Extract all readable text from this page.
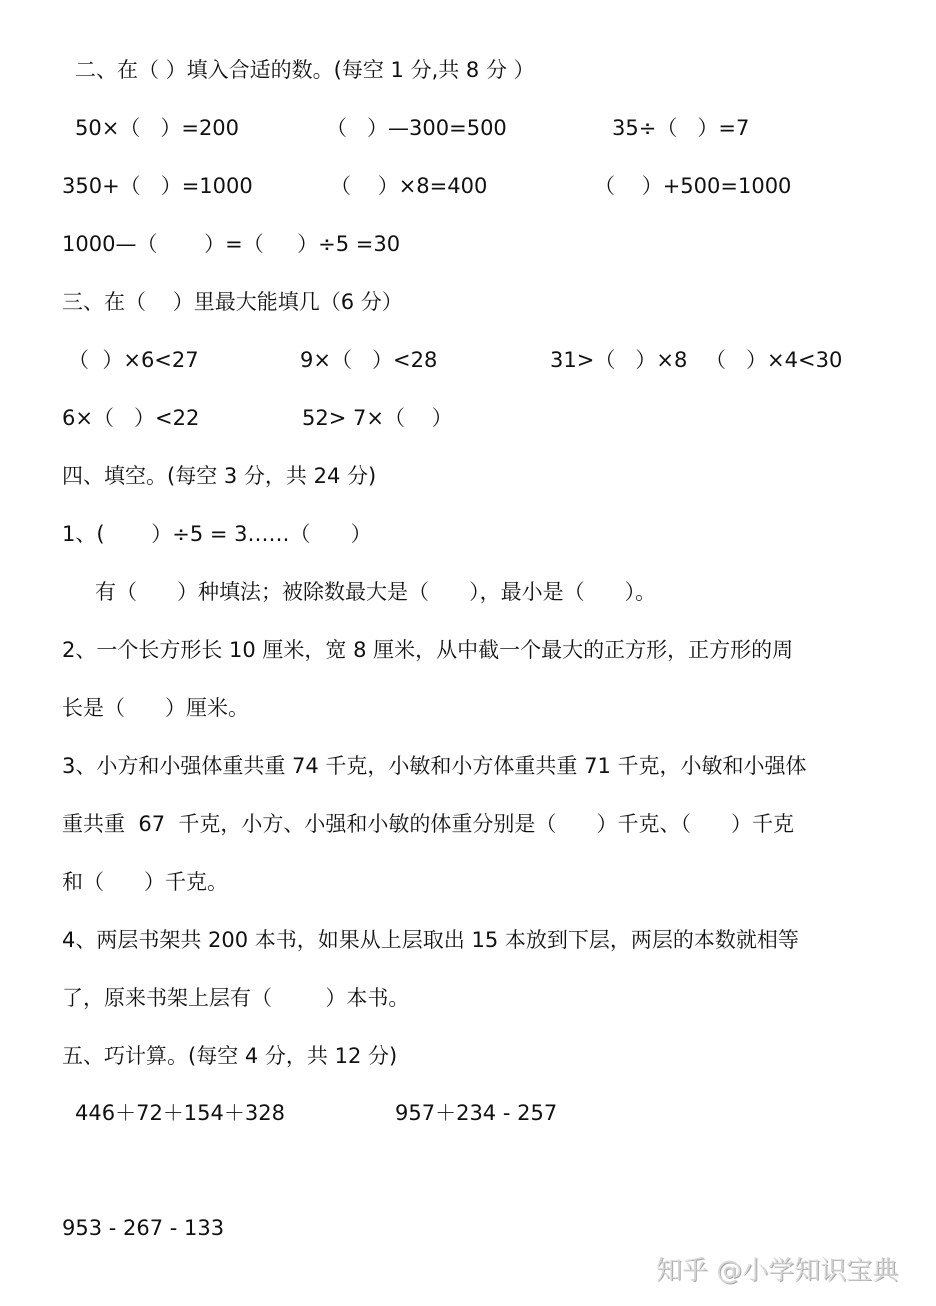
二、在（ ）填入合适的数。(每空 1 分,共 8 分 ）
50×（   ）=200	（   ）—300=500	35÷（   ）=7
350+（   ）=1000	（    ）×8=400	（    ）+500=1000
1000—（       ）=（     ）÷5 =30
三、在（    ）里最大能填几（6 分）
（  ）×6<27	9×（   ）<28	31>（   ）×8 （   ）×4<30
6×（   ）<22	52> 7×（    ）
四、填空。(每空 3 分，共 24 分)
1、(       ）÷5 = 3……（      ）
有（      ）种填法；被除数最大是（      ），最小是（      ）。
2、一个长方形长 10 厘米，宽 8 厘米，从中截一个最大的正方形，正方形的周
长是（      ）厘米。
3、小方和小强体重共重 74 千克，小敏和小方体重共重 71 千克，小敏和小强体
重共重  67  千克，小方、小强和小敏的体重分别是（      ）千克、（      ）千克
和（      ）千克。
4、两层书架共 200 本书，如果从上层取出 15 本放到下层，两层的本数就相等
了，原来书架上层有（        ）本书。
五、巧计算。(每空 4 分，共 12 分)
446＋72＋154＋328	957＋234 - 257
953 - 267 - 133
知乎 @小学知识宝典
